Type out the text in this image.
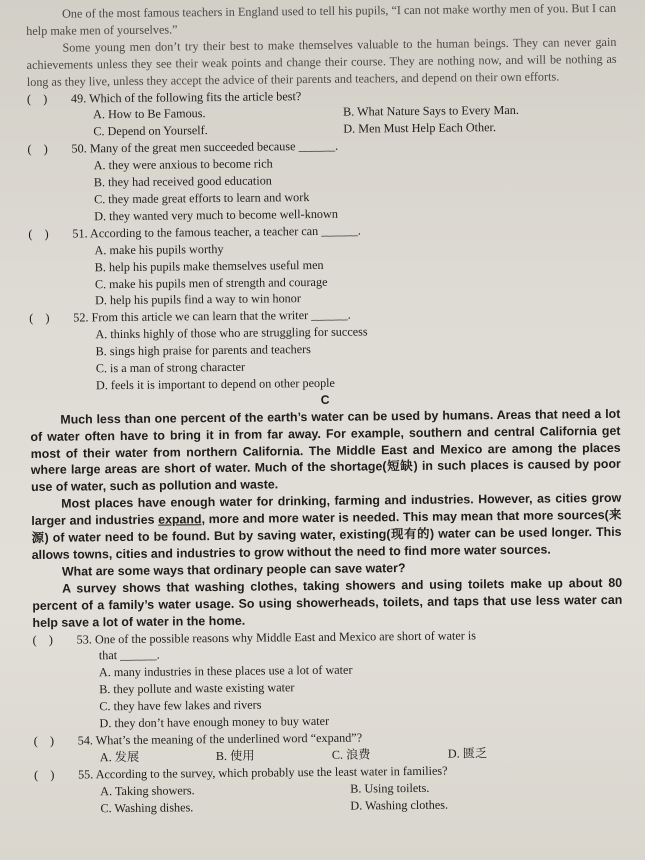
One of the most famous teachers in England used to tell his pupils, “I can not make worthy men of you. But I can help make men of yourselves.”

Some young men don’t try their best to make themselves valuable to the human beings. They can never gain achievements unless they see their weak points and change their course. They are nothing now, and will be nothing as long as they live, unless they accept the advice of their parents and teachers, and depend on their own efforts.

(    ) 49. Which of the following fits the article best?

A. How to Be Famous.	B. What Nature Says to Every Man.
C. Depend on Yourself.	D. Men Must Help Each Other.

(    ) 50. Many of the great men succeeded because ______.

A. they were anxious to become rich

B. they had received good education

C. they made great efforts to learn and work

D. they wanted very much to become well-known

(    ) 51. According to the famous teacher, a teacher can ______.

A. make his pupils worthy

B. help his pupils make themselves useful men

C. make his pupils men of strength and courage

D. help his pupils find a way to win honor

(    ) 52. From this article we can learn that the writer ______.

A. thinks highly of those who are struggling for success

B. sings high praise for parents and teachers

C. is a man of strong character

D. feels it is important to depend on other people

C

Much less than one percent of the earth’s water can be used by humans. Areas that need a lot of water often have to bring it in from far away. For example, southern and central California get most of their water from northern California. The Middle East and Mexico are among the places where large areas are short of water. Much of the shortage(短缺) in such places is caused by poor use of water, such as pollution and waste.

Most places have enough water for drinking, farming and industries. However, as cities grow larger and industries expand, more and more water is needed. This may mean that more sources(来源) of water need to be found. But by saving water, existing(现有的) water can be used longer. This allows towns, cities and industries to grow without the need to find more water sources.

What are some ways that ordinary people can save water?

A survey shows that washing clothes, taking showers and using toilets make up about 80 percent of a family’s water usage. So using showerheads, toilets, and taps that use less water can help save a lot of water in the home.

(    ) 53. One of the possible reasons why Middle East and Mexico are short of water is

that ______.

A. many industries in these places use a lot of water

B. they pollute and waste existing water

C. they have few lakes and rivers

D. they don’t have enough money to buy water

(    ) 54. What’s the meaning of the underlined word “expand”?

A. 发展	B. 使用	C. 浪费	D. 匮乏

(    ) 55. According to the survey, which probably use the least water in families?

A. Taking showers.	B. Using toilets.
C. Washing dishes.	D. Washing clothes.
